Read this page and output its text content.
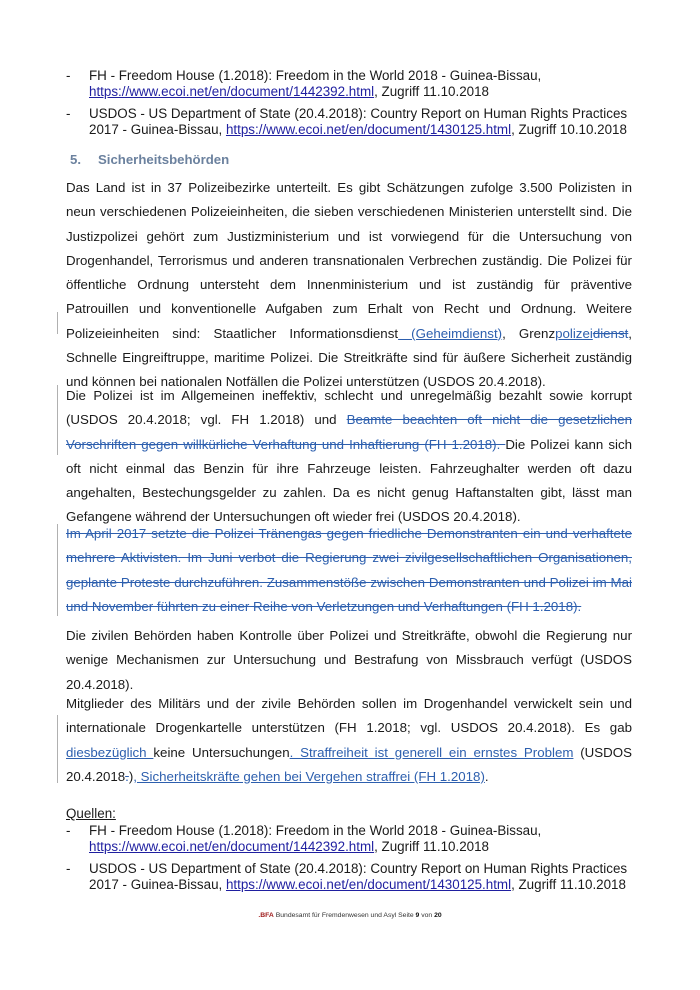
- FH - Freedom House (1.2018): Freedom in the World 2018 - Guinea-Bissau,
https://www.ecoi.net/en/document/1442392.html, Zugriff 11.10.2018
- USDOS - US Department of State (20.4.2018): Country Report on Human Rights Practices 2017 - Guinea-Bissau, https://www.ecoi.net/en/document/1430125.html, Zugriff 10.10.2018
5. Sicherheitsbehörden

Das Land ist in 37 Polizeibezirke unterteilt. Es gibt Schätzungen zufolge 3.500 Polizisten in neun verschiedenen Polizeieinheiten, die sieben verschiedenen Ministerien unterstellt sind. Die Justizpolizei gehört zum Justizministerium und ist vorwiegend für die Untersuchung von Drogenhandel, Terrorismus und anderen transnationalen Verbrechen zuständig. Die Polizei für öffentliche Ordnung untersteht dem Innenministerium und ist zuständig für präventive Patrouillen und konventionelle Aufgaben zum Erhalt von Recht und Ordnung. Weitere Polizeieinheiten sind: Staatlicher Informationsdienst (Geheimdienst), Grenzpolizeidienst, Schnelle Eingreiftruppe, maritime Polizei. Die Streitkräfte sind für äußere Sicherheit zuständig und können bei nationalen Notfällen die Polizei unterstützen (USDOS 20.4.2018).

Die Polizei ist im Allgemeinen ineffektiv, schlecht und unregelmäßig bezahlt sowie korrupt (USDOS 20.4.2018; vgl. FH 1.2018) und Beamte beachten oft nicht die gesetzlichen Vorschriften gegen willkürliche Verhaftung und Inhaftierung (FH 1.2018). Die Polizei kann sich oft nicht einmal das Benzin für ihre Fahrzeuge leisten. Fahrzeughalter werden oft dazu angehalten, Bestechungsgelder zu zahlen. Da es nicht genug Haftanstalten gibt, lässt man Gefangene während der Untersuchungen oft wieder frei (USDOS 20.4.2018).

Im April 2017 setzte die Polizei Tränengas gegen friedliche Demonstranten ein und verhaftete mehrere Aktivisten. Im Juni verbot die Regierung zwei zivilgesellschaftlichen Organisationen, geplante Proteste durchzuführen. Zusammenstöße zwischen Demonstranten und Polizei im Mai und November führten zu einer Reihe von Verletzungen und Verhaftungen (FH 1.2018).

Die zivilen Behörden haben Kontrolle über Polizei und Streitkräfte, obwohl die Regierung nur wenige Mechanismen zur Untersuchung und Bestrafung von Missbrauch verfügt (USDOS 20.4.2018).

Mitglieder des Militärs und der zivile Behörden sollen im Drogenhandel verwickelt sein und internationale Drogenkartelle unterstützen (FH 1.2018; vgl. USDOS 20.4.2018). Es gab diesbezüglich keine Untersuchungen. Straffreiheit ist generell ein ernstes Problem (USDOS 20.4.2018.), Sicherheitskräfte gehen bei Vergehen straffrei (FH 1.2018).

Quellen:
- FH - Freedom House (1.2018): Freedom in the World 2018 - Guinea-Bissau,
https://www.ecoi.net/en/document/1442392.html, Zugriff 11.10.2018
- USDOS - US Department of State (20.4.2018): Country Report on Human Rights Practices 2017 - Guinea-Bissau, https://www.ecoi.net/en/document/1430125.html, Zugriff 11.10.2018
.BFA Bundesamt für Fremdenwesen und Asyl Seite 9 von 20
